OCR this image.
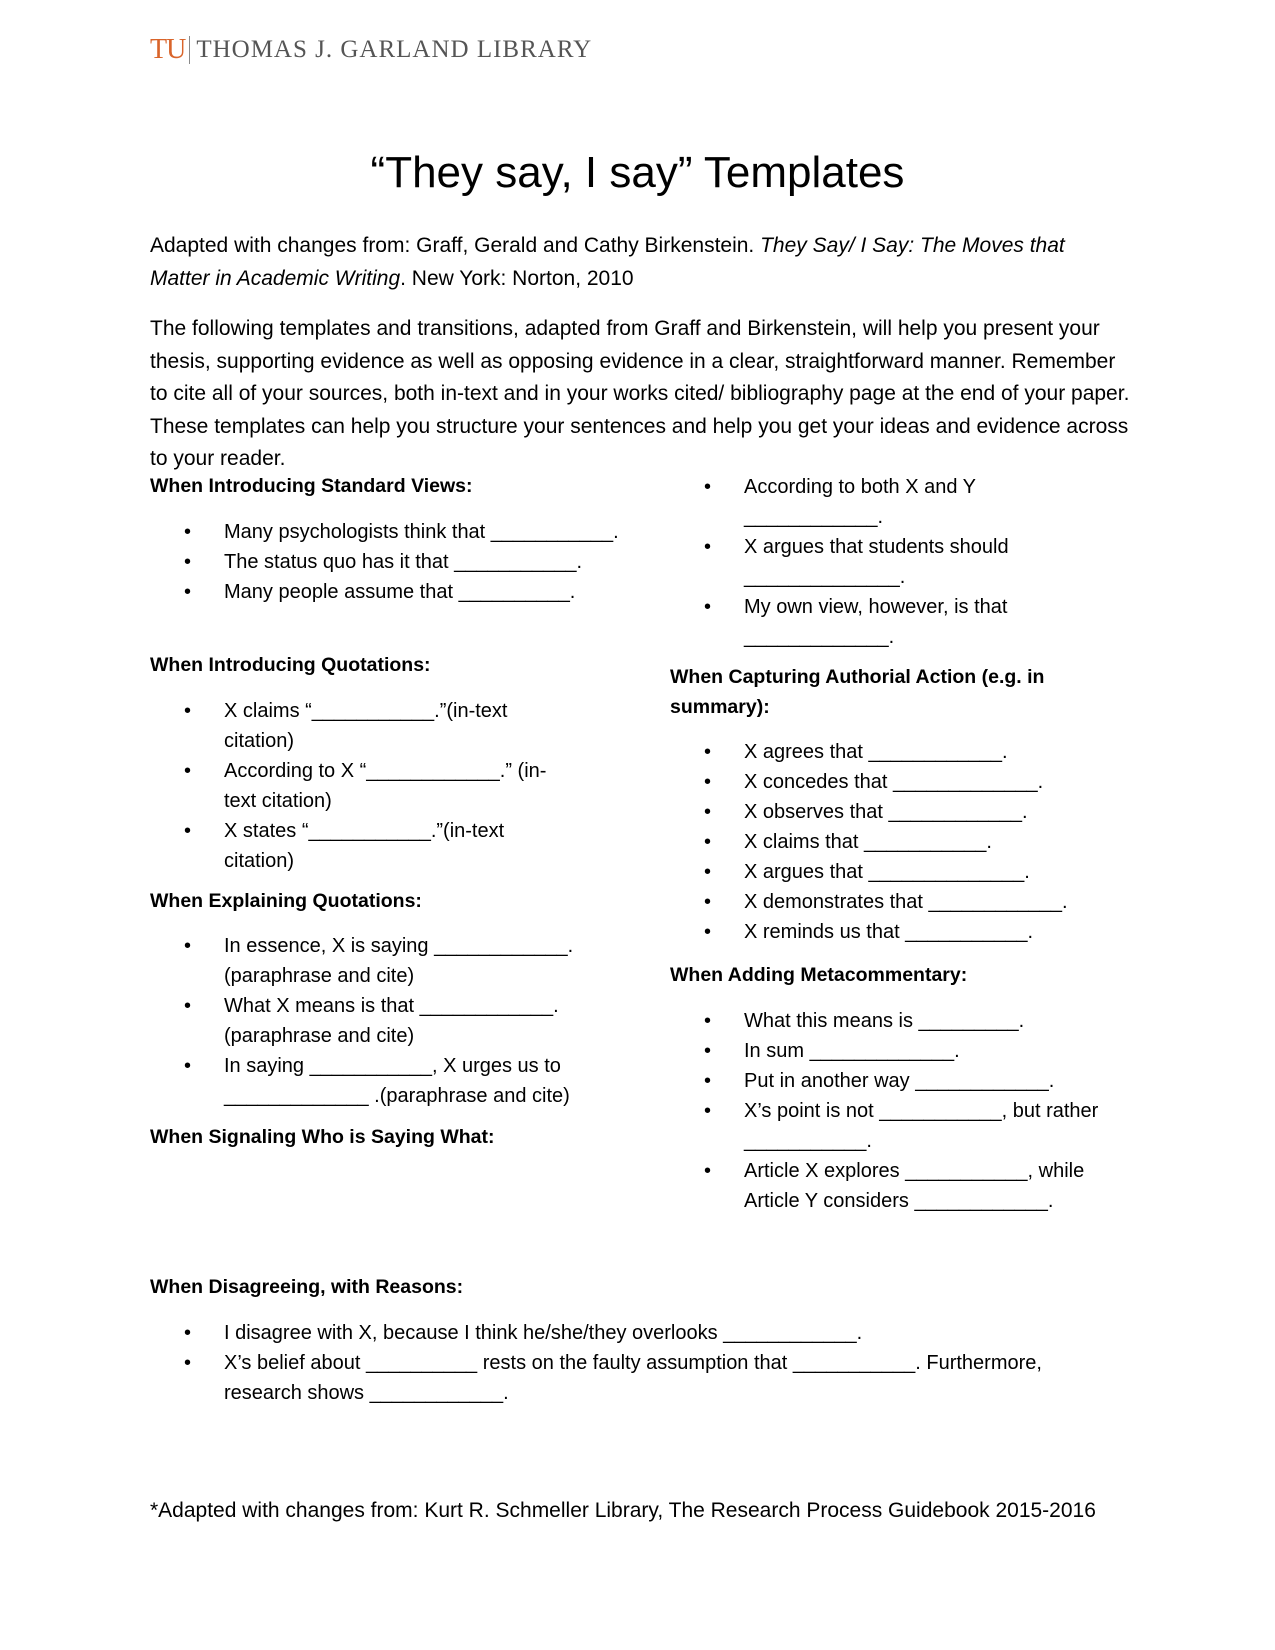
TU THOMAS J. GARLAND LIBRARY
“They say, I say” Templates

Adapted with changes from: Graff, Gerald and Cathy Birkenstein. They Say/ I Say: The Moves that Matter in Academic Writing. New York: Norton, 2010

The following templates and transitions, adapted from Graff and Birkenstein, will help you present your thesis, supporting evidence as well as opposing evidence in a clear, straightforward manner. Remember to cite all of your sources, both in-text and in your works cited/ bibliography page at the end of your paper. These templates can help you structure your sentences and help you get your ideas and evidence across to your reader.

When Introducing Standard Views:
• Many psychologists think that ___________.
• The status quo has it that ___________.
• Many people assume that __________.
When Introducing Quotations:
• X claims “___________.”(in-text citation)
• According to X “____________.” (in-text citation)
• X states “___________.”(in-text citation)
When Explaining Quotations:
• In essence, X is saying ____________. (paraphrase and cite)
• What X means is that ____________. (paraphrase and cite)
• In saying ___________, X urges us to _____________ .(paraphrase and cite)
When Signaling Who is Saying What:
• According to both X and Y ____________.
• X argues that students should ______________.
• My own view, however, is that _____________.
When Capturing Authorial Action (e.g. in summary):
• X agrees that ____________.
• X concedes that _____________.
• X observes that ____________.
• X claims that ___________.
• X argues that ______________.
• X demonstrates that ____________.
• X reminds us that ___________.
When Adding Metacommentary:
• What this means is _________.
• In sum _____________.
• Put in another way ____________.
• X’s point is not ___________, but rather ___________.
• Article X explores ___________, while Article Y considers ____________.
When Disagreeing, with Reasons:
• I disagree with X, because I think he/she/they overlooks ____________.
• X’s belief about __________ rests on the faulty assumption that ___________. Furthermore, research shows ____________.

*Adapted with changes from: Kurt R. Schmeller Library, The Research Process Guidebook 2015-2016
